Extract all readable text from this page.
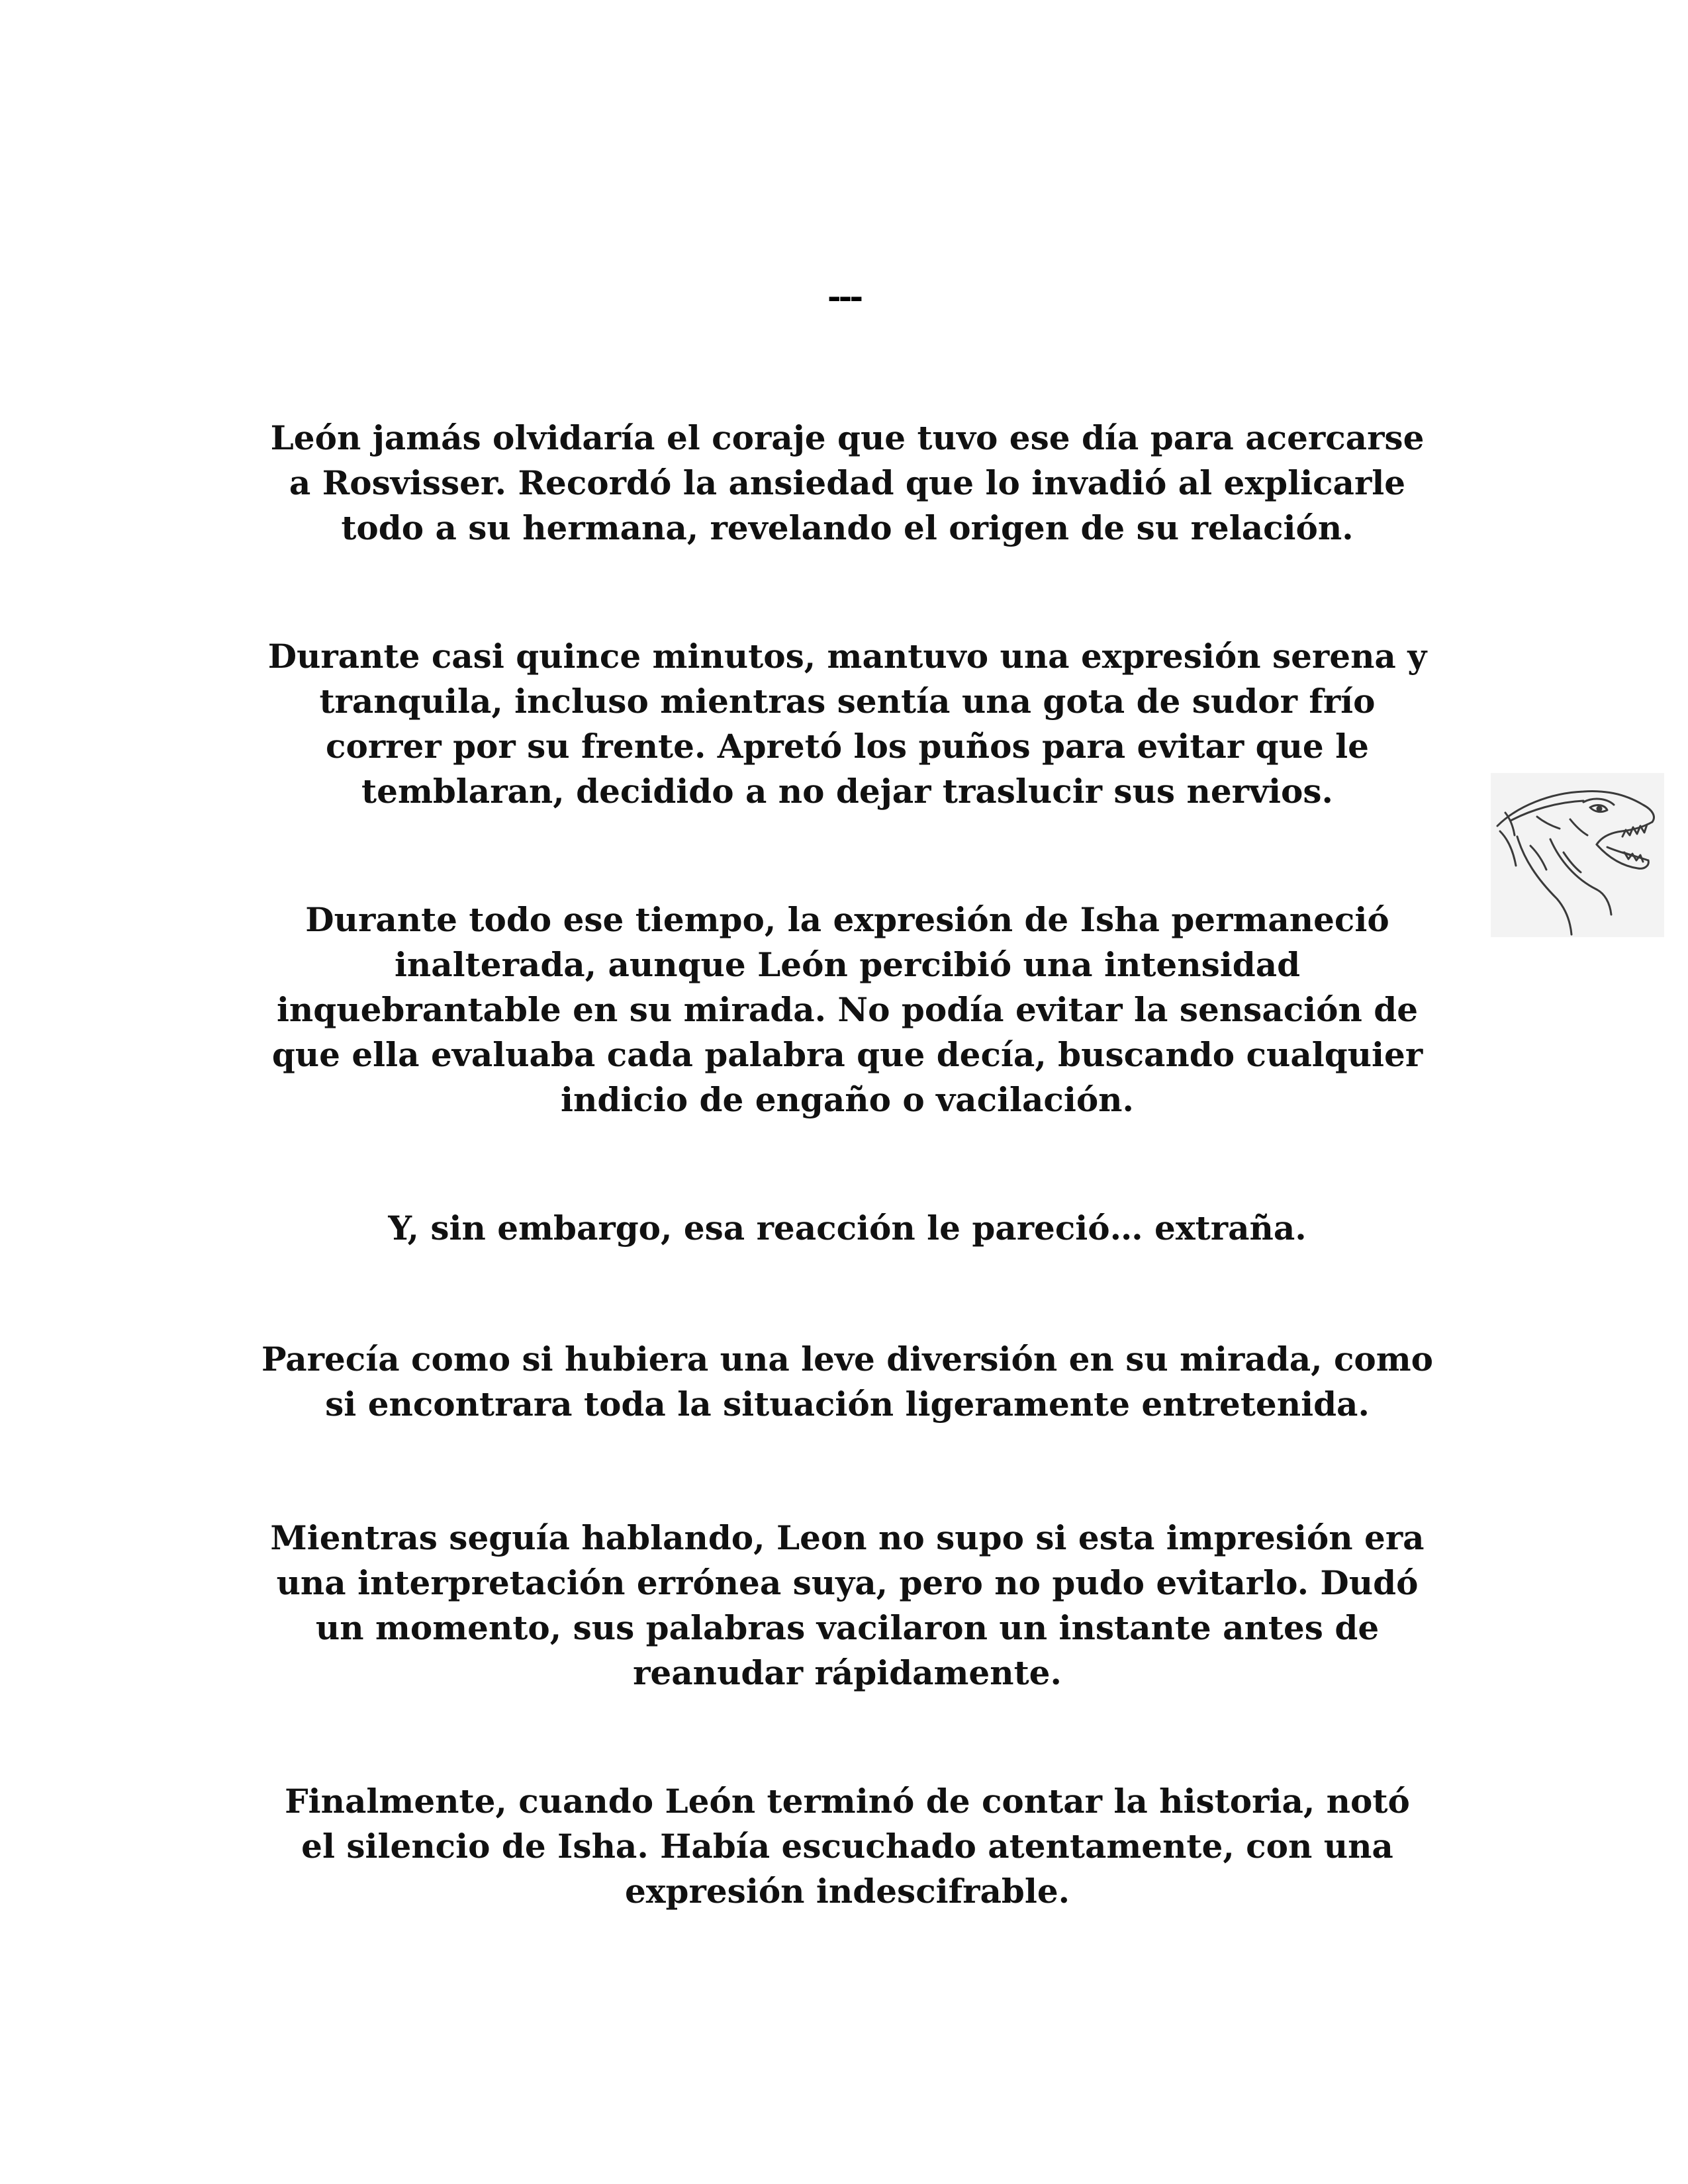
---

León jamás olvidaría el coraje que tuvo ese día para acercarse
a Rosvisser. Recordó la ansiedad que lo invadió al explicarle
todo a su hermana, revelando el origen de su relación.

Durante casi quince minutos, mantuvo una expresión serena y
tranquila, incluso mientras sentía una gota de sudor frío
correr por su frente. Apretó los puños para evitar que le
temblaran, decidido a no dejar traslucir sus nervios.

Durante todo ese tiempo, la expresión de Isha permaneció
inalterada, aunque León percibió una intensidad
inquebrantable en su mirada. No podía evitar la sensación de
que ella evaluaba cada palabra que decía, buscando cualquier
indicio de engaño o vacilación.

Y, sin embargo, esa reacción le pareció… extraña.

Parecía como si hubiera una leve diversión en su mirada, como
si encontrara toda la situación ligeramente entretenida.

Mientras seguía hablando, Leon no supo si esta impresión era
una interpretación errónea suya, pero no pudo evitarlo. Dudó
un momento, sus palabras vacilaron un instante antes de
reanudar rápidamente.

Finalmente, cuando León terminó de contar la historia, notó
el silencio de Isha. Había escuchado atentamente, con una
expresión indescifrable.
